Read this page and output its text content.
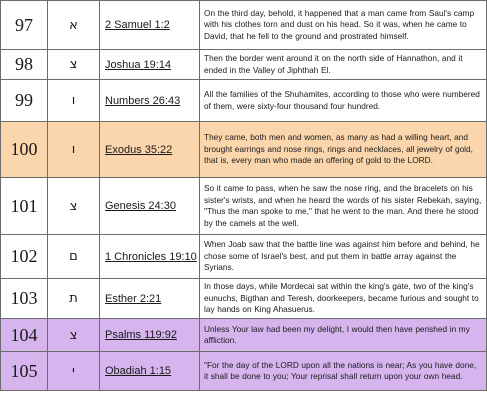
97	א	2 Samuel 1:2	On the third day, behold, it happened that a man came from Saul's camp with his clothes torn and dust on his head. So it was, when he came to David, that he fell to the ground and prostrated himself.
98	צ	Joshua 19:14	Then the border went around it on the north side of Hannathon, and it ended in the Valley of Jiphthah El.
99	ו	Numbers 26:43	All the families of the Shuhamites, according to those who were numbered of them, were sixty-four thousand four hundred.
100	ו	Exodus 35:22	They came, both men and women, as many as had a willing heart, and brought earrings and nose rings, rings and necklaces, all jewelry of gold, that is, every man who made an offering of gold to the LORD.
101	צ	Genesis 24:30	So it came to pass, when he saw the nose ring, and the bracelets on his sister's wrists, and when he heard the words of his sister Rebekah, saying, "Thus the man spoke to me," that he went to the man. And there he stood by the camels at the well.
102	ם	1 Chronicles 19:10	When Joab saw that the battle line was against him before and behind, he chose some of Israel's best, and put them in battle array against the Syrians.
103	ת	Esther 2:21	In those days, while Mordecai sat within the king's gate, two of the king's eunuchs, Bigthan and Teresh, doorkeepers, became furious and sought to lay hands on King Ahasuerus.
104	צ	Psalms 119:92	Unless Your law had been my delight, I would then have perished in my affliction.
105	י	Obadiah 1:15	"For the day of the LORD upon all the nations is near; As you have done, it shall be done to you; Your reprisal shall return upon your own head.
